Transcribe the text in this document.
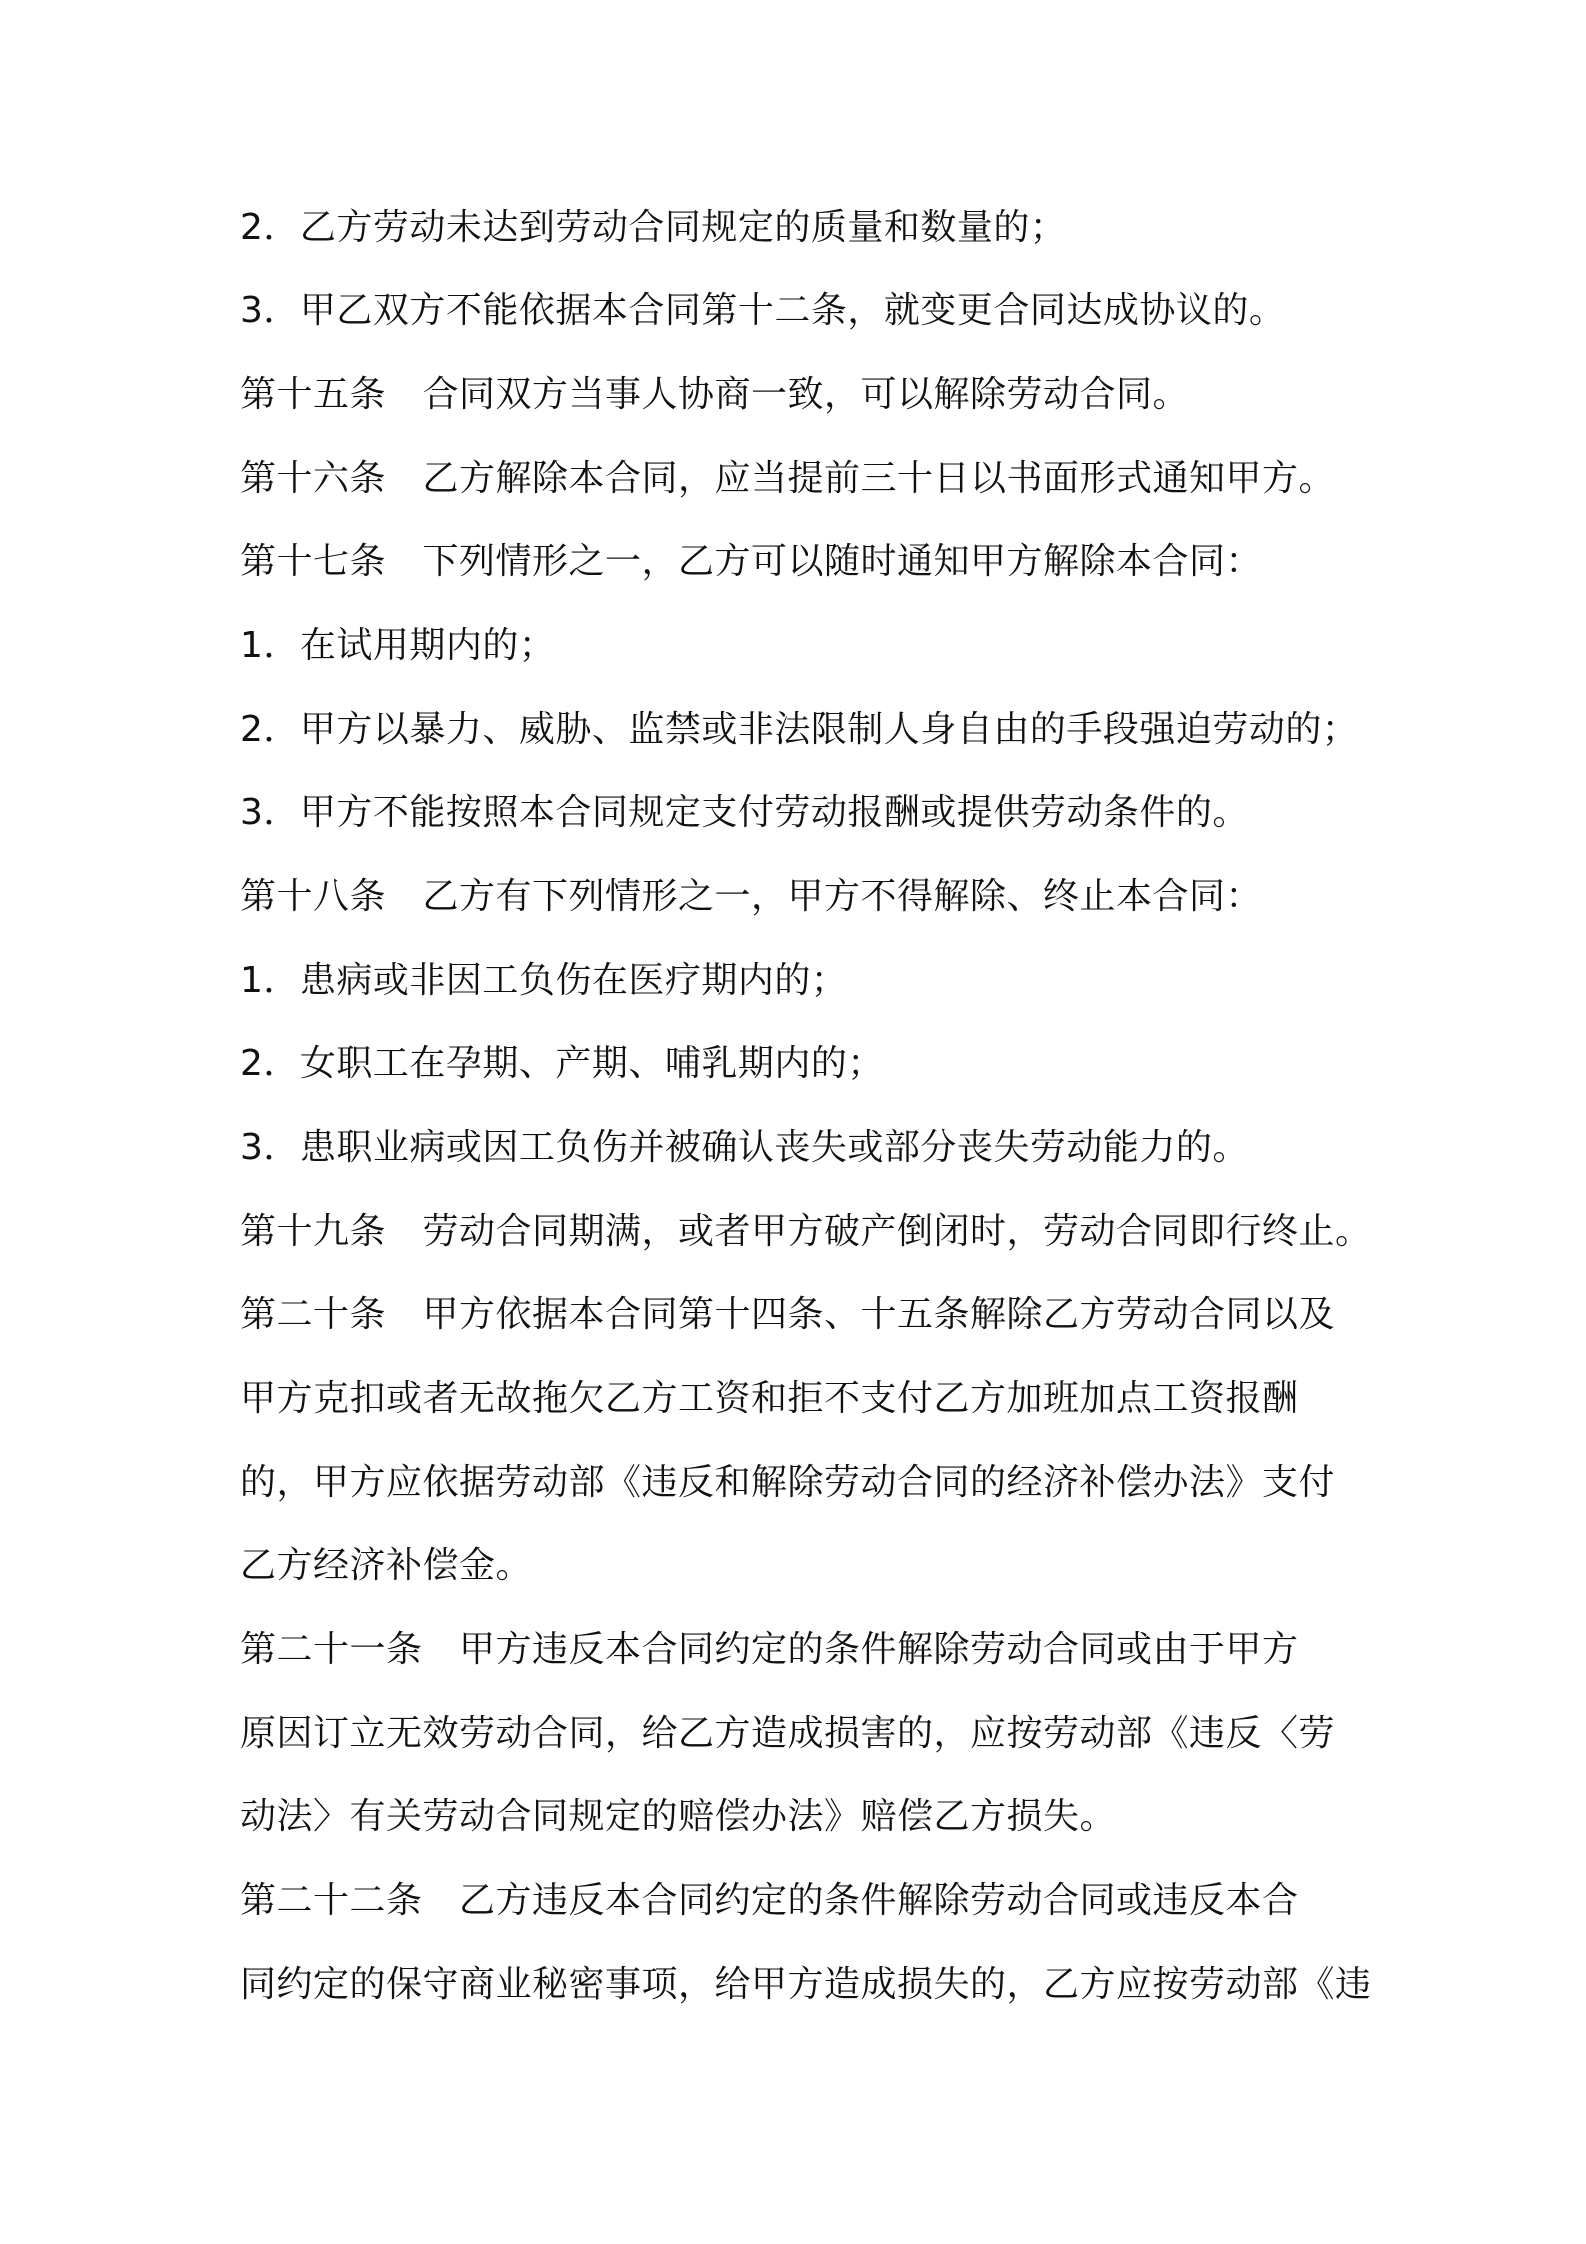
2．乙方劳动未达到劳动合同规定的质量和数量的；
3．甲乙双方不能依据本合同第十二条，就变更合同达成协议的。
第十五条　合同双方当事人协商一致，可以解除劳动合同。
第十六条　乙方解除本合同，应当提前三十日以书面形式通知甲方。
第十七条　下列情形之一，乙方可以随时通知甲方解除本合同：
1．在试用期内的；
2．甲方以暴力、威胁、监禁或非法限制人身自由的手段强迫劳动的；
3．甲方不能按照本合同规定支付劳动报酬或提供劳动条件的。
第十八条　乙方有下列情形之一，甲方不得解除、终止本合同：
1．患病或非因工负伤在医疗期内的；
2．女职工在孕期、产期、哺乳期内的；
3．患职业病或因工负伤并被确认丧失或部分丧失劳动能力的。
第十九条　劳动合同期满，或者甲方破产倒闭时，劳动合同即行终止。
第二十条　甲方依据本合同第十四条、十五条解除乙方劳动合同以及
甲方克扣或者无故拖欠乙方工资和拒不支付乙方加班加点工资报酬
的，甲方应依据劳动部《违反和解除劳动合同的经济补偿办法》支付
乙方经济补偿金。
第二十一条　甲方违反本合同约定的条件解除劳动合同或由于甲方
原因订立无效劳动合同，给乙方造成损害的，应按劳动部《违反〈劳
动法〉有关劳动合同规定的赔偿办法》赔偿乙方损失。
第二十二条　乙方违反本合同约定的条件解除劳动合同或违反本合
同约定的保守商业秘密事项，给甲方造成损失的，乙方应按劳动部《违
